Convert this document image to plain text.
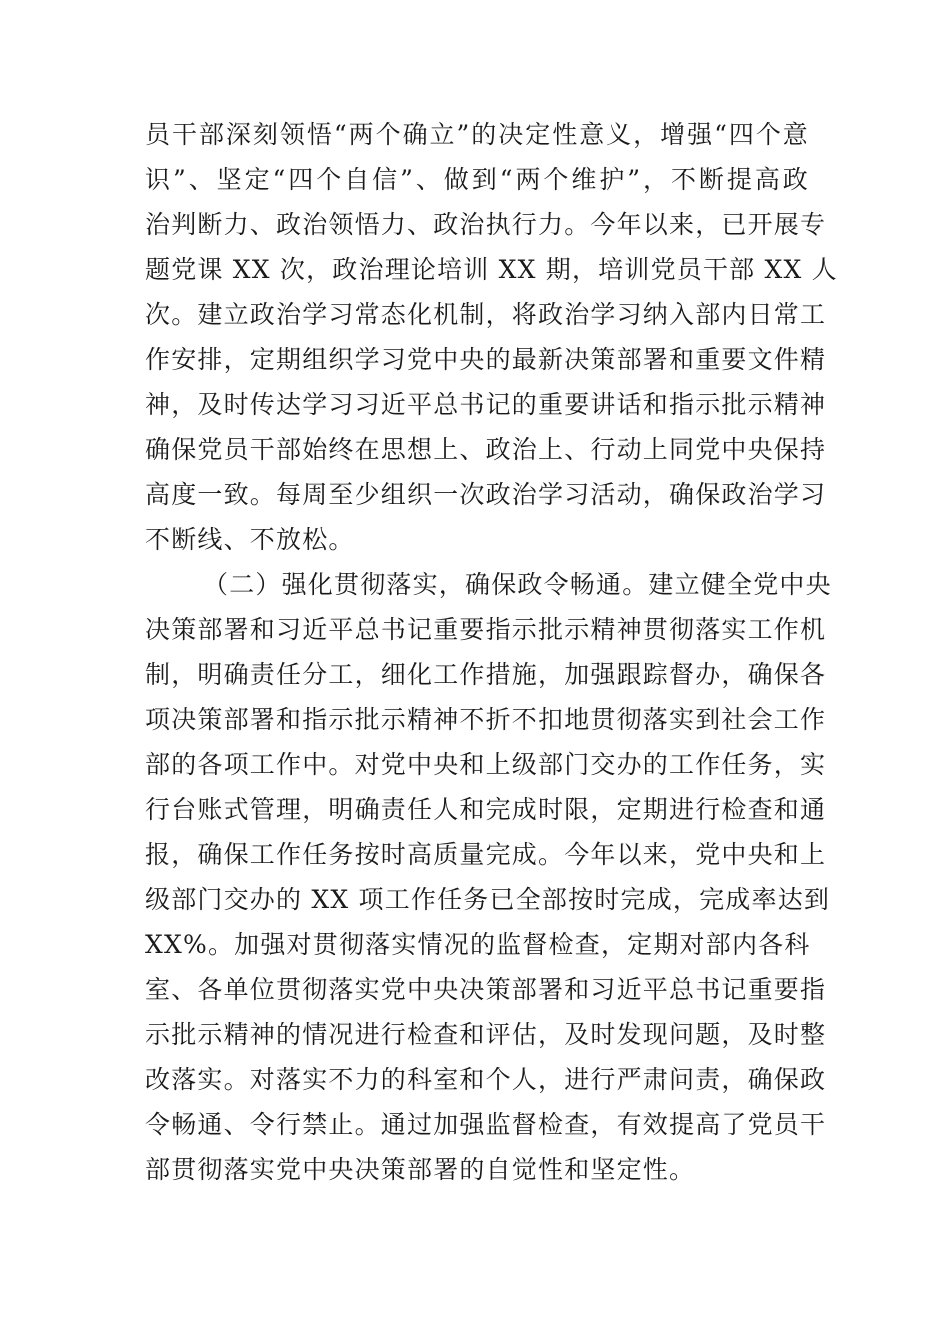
员干部深刻领悟“两个确立”的决定性意义，增强“四个意
识”、坚定“四个自信”、做到“两个维护”，不断提高政
治判断力、政治领悟力、政治执行力。今年以来，已开展专
题党课 XX 次，政治理论培训 XX 期，培训党员干部 XX 人
次。建立政治学习常态化机制，将政治学习纳入部内日常工
作安排，定期组织学习党中央的最新决策部署和重要文件精
神，及时传达学习习近平总书记的重要讲话和指示批示精神
确保党员干部始终在思想上、政治上、行动上同党中央保持
高度一致。每周至少组织一次政治学习活动，确保政治学习
不断线、不放松。
（二）强化贯彻落实，确保政令畅通。建立健全党中央
决策部署和习近平总书记重要指示批示精神贯彻落实工作机
制，明确责任分工，细化工作措施，加强跟踪督办，确保各
项决策部署和指示批示精神不折不扣地贯彻落实到社会工作
部的各项工作中。对党中央和上级部门交办的工作任务，实
行台账式管理，明确责任人和完成时限，定期进行检查和通
报，确保工作任务按时高质量完成。今年以来，党中央和上
级部门交办的 XX 项工作任务已全部按时完成，完成率达到
XX%。加强对贯彻落实情况的监督检查，定期对部内各科
室、各单位贯彻落实党中央决策部署和习近平总书记重要指
示批示精神的情况进行检查和评估，及时发现问题，及时整
改落实。对落实不力的科室和个人，进行严肃问责，确保政
令畅通、令行禁止。通过加强监督检查，有效提高了党员干
部贯彻落实党中央决策部署的自觉性和坚定性。
